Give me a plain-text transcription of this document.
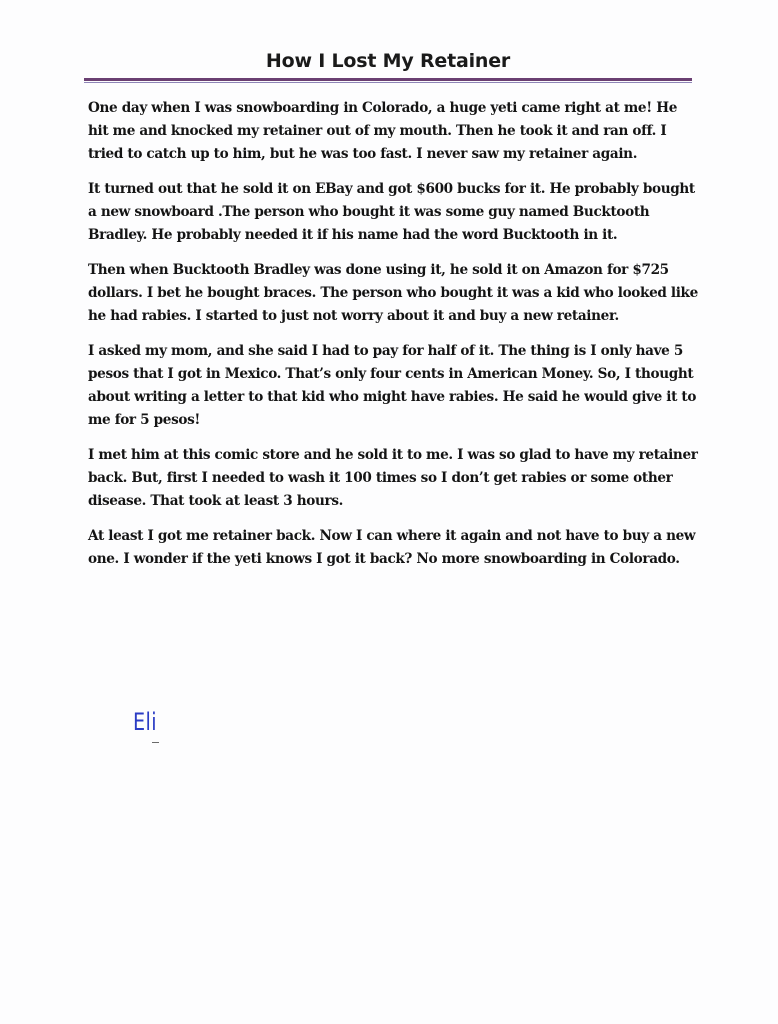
How I Lost My Retainer

One day when I was snowboarding in Colorado, a huge yeti came right at me! He hit me and knocked my retainer out of my mouth. Then he took it and ran off. I tried to catch up to him, but he was too fast. I never saw my retainer again.

It turned out that he sold it on EBay and got $600 bucks for it. He probably bought a new snowboard .The person who bought it was some guy named Bucktooth Bradley. He probably needed it if his name had the word Bucktooth in it.

Then when Bucktooth Bradley was done using it, he sold it on Amazon for $725 dollars. I bet he bought braces. The person who bought it was a kid who looked like he had rabies. I started to just not worry about it and buy a new retainer.

I asked my mom, and she said I had to pay for half of it. The thing is I only have 5 pesos that I got in Mexico. That’s only four cents in American Money. So, I thought about writing a letter to that kid who might have rabies. He said he would give it to me for 5 pesos!

I met him at this comic store and he sold it to me. I was so glad to have my retainer back. But, first I needed to wash it 100 times so I don’t get rabies or some other disease. That took at least 3 hours.

At least I got me retainer back. Now I can where it again and not have to buy a new one. I wonder if the yeti knows I got it back? No more snowboarding in Colorado.

Eli
